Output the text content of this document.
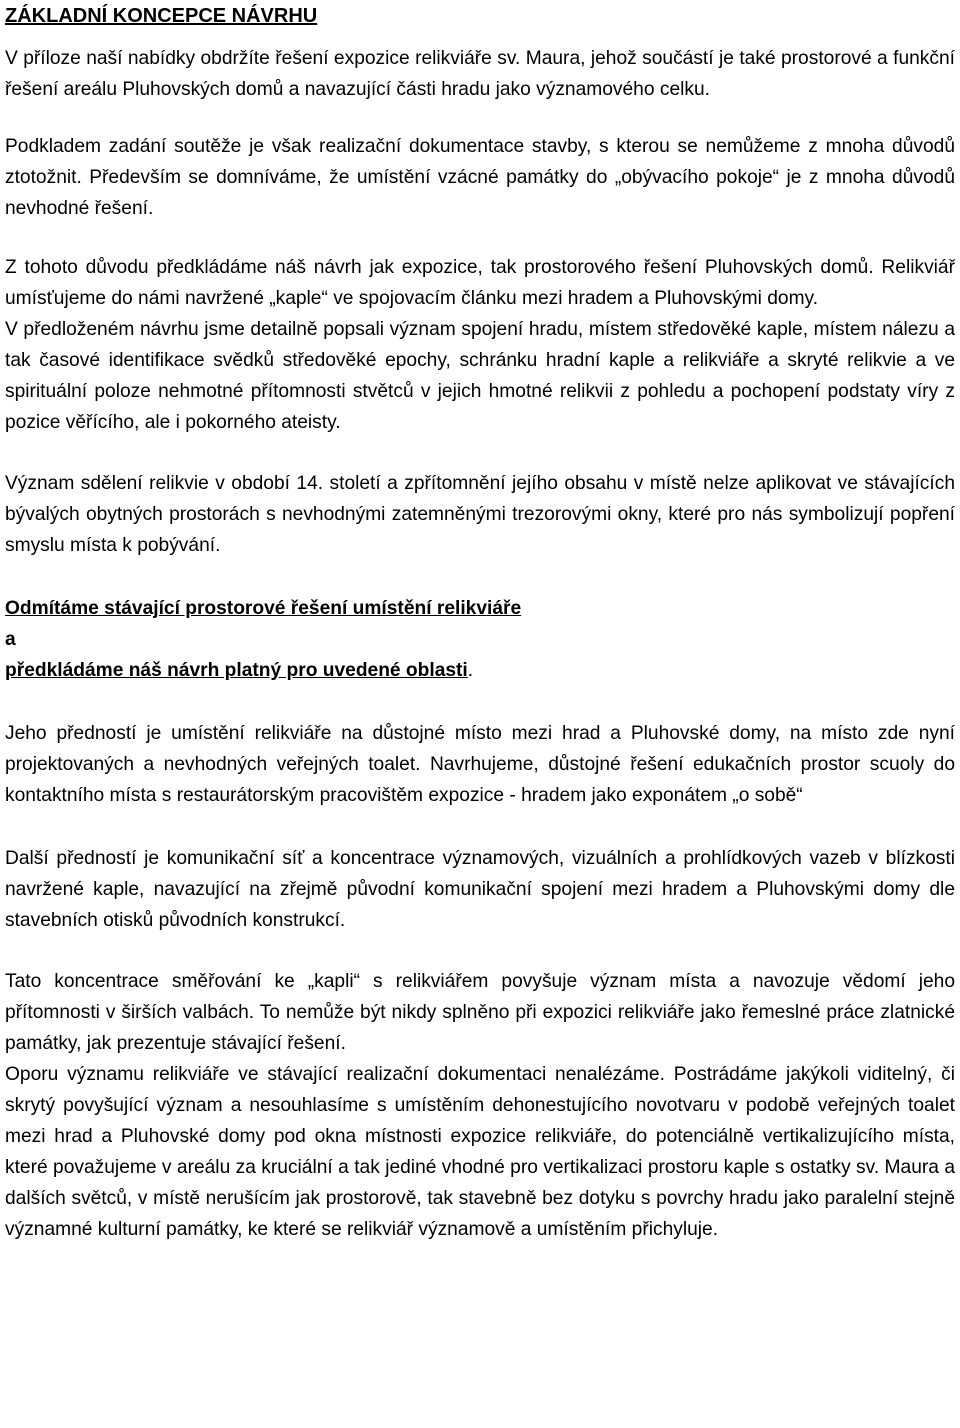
ZÁKLADNÍ KONCEPCE NÁVRHU

V příloze naší nabídky obdržíte řešení expozice relikviáře sv. Maura, jehož součástí je také prostorové a funkční řešení areálu Pluhovských domů a navazující části hradu jako významového celku.

Podkladem zadání soutěže je však realizační dokumentace stavby, s kterou se nemůžeme z mnoha důvodů ztotožnit. Především se domníváme, že umístění vzácné památky do „obývacího pokoje“ je z mnoha důvodů nevhodné řešení.

Z tohoto důvodu předkládáme náš návrh jak expozice, tak prostorového řešení Pluhovských domů. Relikviář umísťujeme do námi navržené „kaple“ ve spojovacím článku mezi hradem a Pluhovskými domy.

V předloženém návrhu jsme detailně popsali význam spojení hradu, místem středověké kaple, místem nálezu a tak časové identifikace svědků středověké epochy, schránku hradní kaple a relikviáře a skryté relikvie a ve spirituální poloze nehmotné přítomnosti stvětců v jejich hmotné relikvii z pohledu a pochopení podstaty víry z pozice věřícího, ale i pokorného ateisty.

Význam sdělení relikvie v období 14. století a zpřítomnění jejího obsahu v místě nelze aplikovat ve stávajících bývalých obytných prostorách s nevhodnými zatemněnými trezorovými okny, které pro nás symbolizují popření smyslu místa k pobývání.

Odmítáme stávající prostorové řešení umístění relikviáře

a

předkládáme náš návrh platný pro uvedené oblasti.

Jeho předností je umístění relikviáře na důstojné místo mezi hrad a Pluhovské domy, na místo zde nyní projektovaných a nevhodných veřejných toalet. Navrhujeme, důstojné řešení edukačních prostor scuoly do kontaktního místa s restaurátorským pracovištěm expozice - hradem jako exponátem „o sobě“

Další předností je komunikační síť a koncentrace významových, vizuálních a prohlídkových vazeb v blízkosti navržené kaple, navazující na zřejmě původní komunikační spojení mezi hradem a Pluhovskými domy dle stavebních otisků původních konstrukcí.

Tato koncentrace směřování ke „kapli“ s relikviářem povyšuje význam místa a navozuje vědomí jeho přítomnosti v širších valbách. To nemůže být nikdy splněno při expozici relikviáře jako řemeslné práce zlatnické památky, jak prezentuje stávající řešení.

Oporu významu relikviáře ve stávající realizační dokumentaci nenalézáme. Postrádáme jakýkoli viditelný, či skrytý povyšující význam a nesouhlasíme s umístěním dehonestujícího novotvaru v podobě veřejných toalet mezi hrad a Pluhovské domy pod okna místnosti expozice relikviáře, do potenciálně vertikalizujícího místa, které považujeme v areálu za kruciální a tak jediné vhodné pro vertikalizaci prostoru kaple s ostatky sv. Maura a dalších světců, v místě nerušícím jak prostorově, tak stavebně bez dotyku s povrchy hradu jako paralelní stejně významné kulturní památky, ke které se relikviář významově a umístěním přichyluje.
